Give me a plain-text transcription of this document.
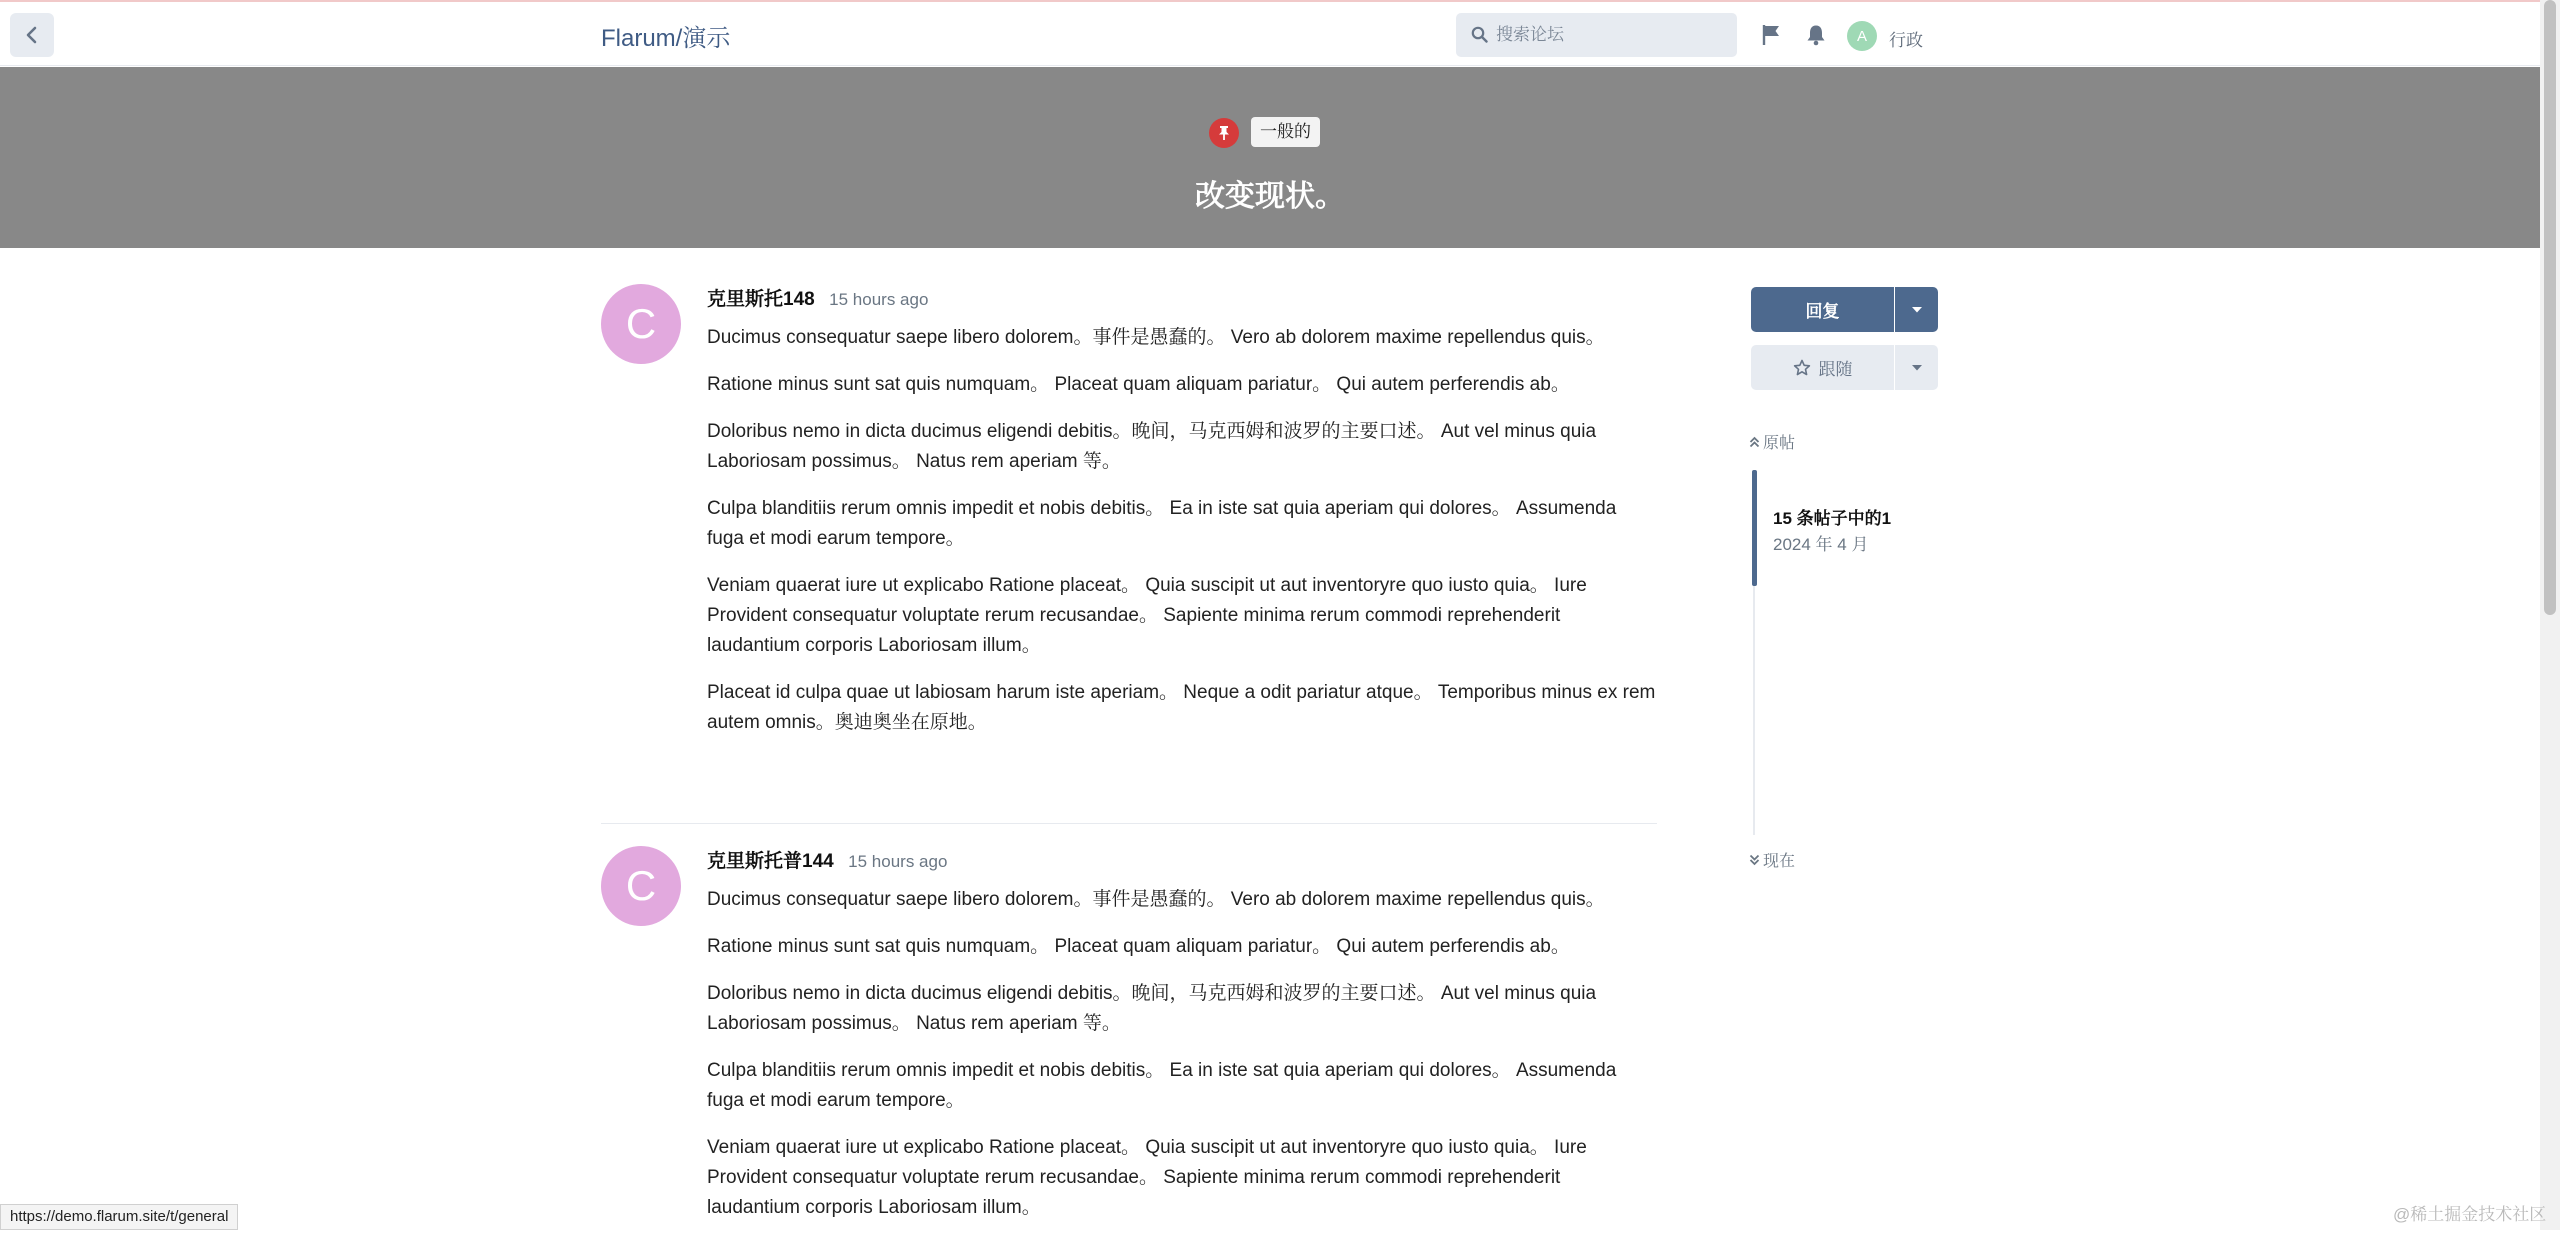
Flarum/演示
搜索论坛	A	行政
一般的
改变现状。
C
克里斯托148 15 hours ago

Ducimus consequatur saepe libero dolorem。事件是愚蠢的。 Vero ab dolorem maxime repellendus quis。

Ratione minus sunt sat quis numquam。 Placeat quam aliquam pariatur。 Qui autem perferendis ab。

Doloribus nemo in dicta ducimus eligendi debitis。晚间，马克西姆和波罗的主要口述。 Aut vel minus quia Laboriosam possimus。 Natus rem aperiam 等。

Culpa blanditiis rerum omnis impedit et nobis debitis。 Ea in iste sat quia aperiam qui dolores。 Assumenda fuga et modi earum tempore。

Veniam quaerat iure ut explicabo Ratione placeat。 Quia suscipit ut aut inventoryre quo iusto quia。 Iure Provident consequatur voluptate rerum recusandae。 Sapiente minima rerum commodi reprehenderit laudantium corporis Laboriosam illum。

Placeat id culpa quae ut labiosam harum iste aperiam。 Neque a odit pariatur atque。 Temporibus minus ex rem autem omnis。奥迪奥坐在原地。

C
克里斯托普144 15 hours ago

Ducimus consequatur saepe libero dolorem。事件是愚蠢的。 Vero ab dolorem maxime repellendus quis。

Ratione minus sunt sat quis numquam。 Placeat quam aliquam pariatur。 Qui autem perferendis ab。

Doloribus nemo in dicta ducimus eligendi debitis。晚间，马克西姆和波罗的主要口述。 Aut vel minus quia Laboriosam possimus。 Natus rem aperiam 等。

Culpa blanditiis rerum omnis impedit et nobis debitis。 Ea in iste sat quia aperiam qui dolores。 Assumenda fuga et modi earum tempore。

Veniam quaerat iure ut explicabo Ratione placeat。 Quia suscipit ut aut inventoryre quo iusto quia。 Iure Provident consequatur voluptate rerum recusandae。 Sapiente minima rerum commodi reprehenderit laudantium corporis Laboriosam illum。

回复
跟随
原帖
15 条帖子中的1
2024 年 4 月
现在
https://demo.flarum.site/t/general	@稀土掘金技术社区
